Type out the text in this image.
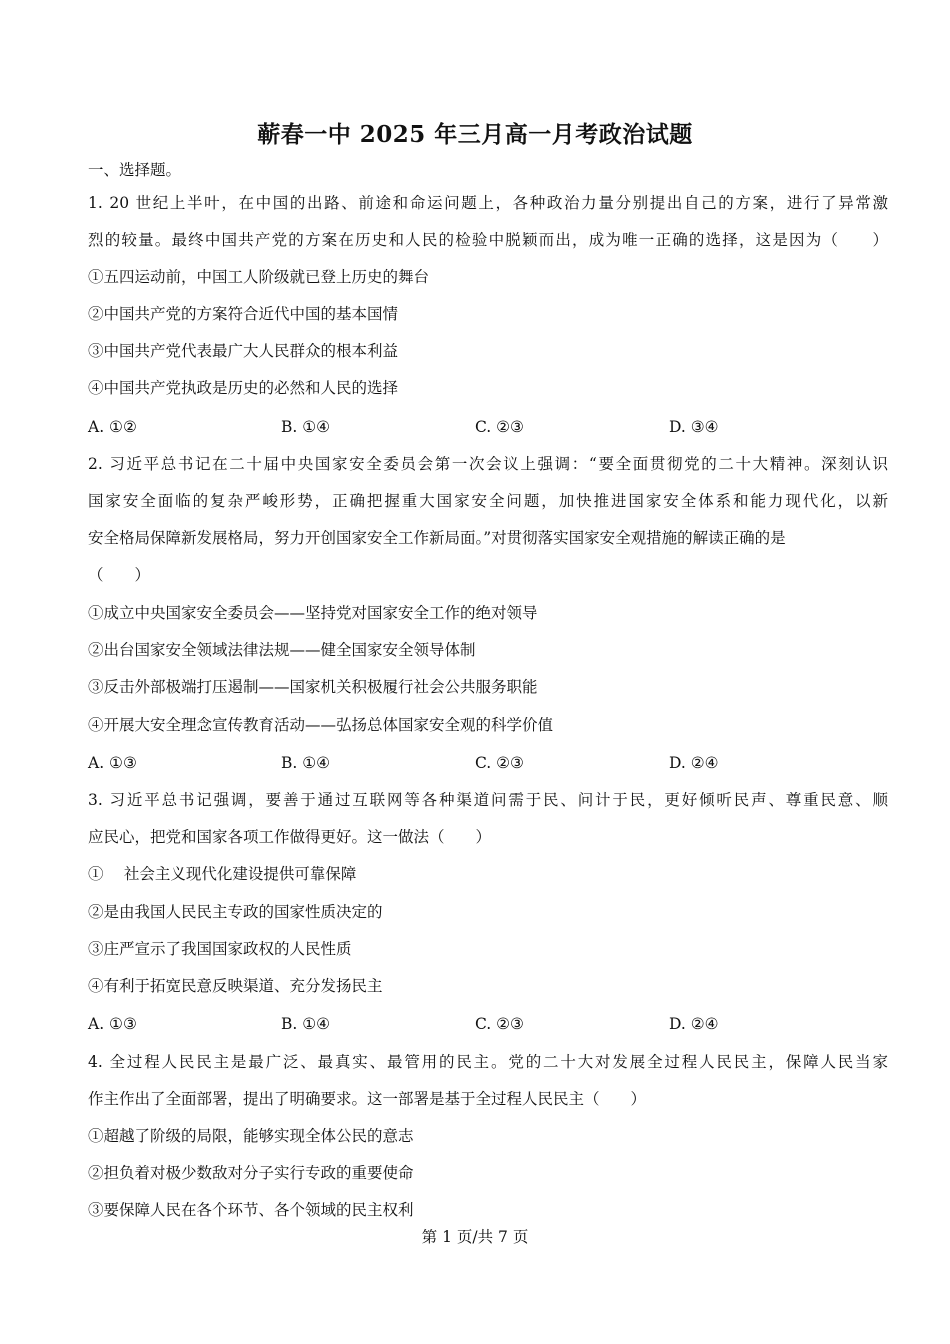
蕲春一中 2025 年三月高一月考政治试题
一、选择题。
1. 20 世纪上半叶，在中国的出路、前途和命运问题上，各种政治力量分别提出自己的方案，进行了异常激
烈的较量。最终中国共产党的方案在历史和人民的检验中脱颖而出，成为唯一正确的选择，这是因为（　　）
①五四运动前，中国工人阶级就已登上历史的舞台
②中国共产党的方案符合近代中国的基本国情
③中国共产党代表最广大人民群众的根本利益
④中国共产党执政是历史的必然和人民的选择
A. ①②	B. ①④	C. ②③	D. ③④
2. 习近平总书记在二十届中央国家安全委员会第一次会议上强调：“要全面贯彻党的二十大精神。深刻认识
国家安全面临的复杂严峻形势，正确把握重大国家安全问题，加快推进国家安全体系和能力现代化，以新
安全格局保障新发展格局，努力开创国家安全工作新局面。”对贯彻落实国家安全观措施的解读正确的是
（　　）
①成立中央国家安全委员会——坚持党对国家安全工作的绝对领导
②出台国家安全领域法律法规——健全国家安全领导体制
③反击外部极端打压遏制——国家机关积极履行社会公共服务职能
④开展大安全理念宣传教育活动——弘扬总体国家安全观的科学价值
A. ①③	B. ①④	C. ②③	D. ②④
3. 习近平总书记强调，要善于通过互联网等各种渠道问需于民、问计于民，更好倾听民声、尊重民意、顺
应民心，把党和国家各项工作做得更好。这一做法（　　）
①　 社会主义现代化建设提供可靠保障
②是由我国人民民主专政的国家性质决定的
③庄严宣示了我国国家政权的人民性质
④有利于拓宽民意反映渠道、充分发扬民主
A. ①③	B. ①④	C. ②③	D. ②④
4. 全过程人民民主是最广泛、最真实、最管用的民主。党的二十大对发展全过程人民民主，保障人民当家
作主作出了全面部署，提出了明确要求。这一部署是基于全过程人民民主（　　）
①超越了阶级的局限，能够实现全体公民的意志
②担负着对极少数敌对分子实行专政的重要使命
③要保障人民在各个环节、各个领域的民主权利
第 1 页/共 7 页
